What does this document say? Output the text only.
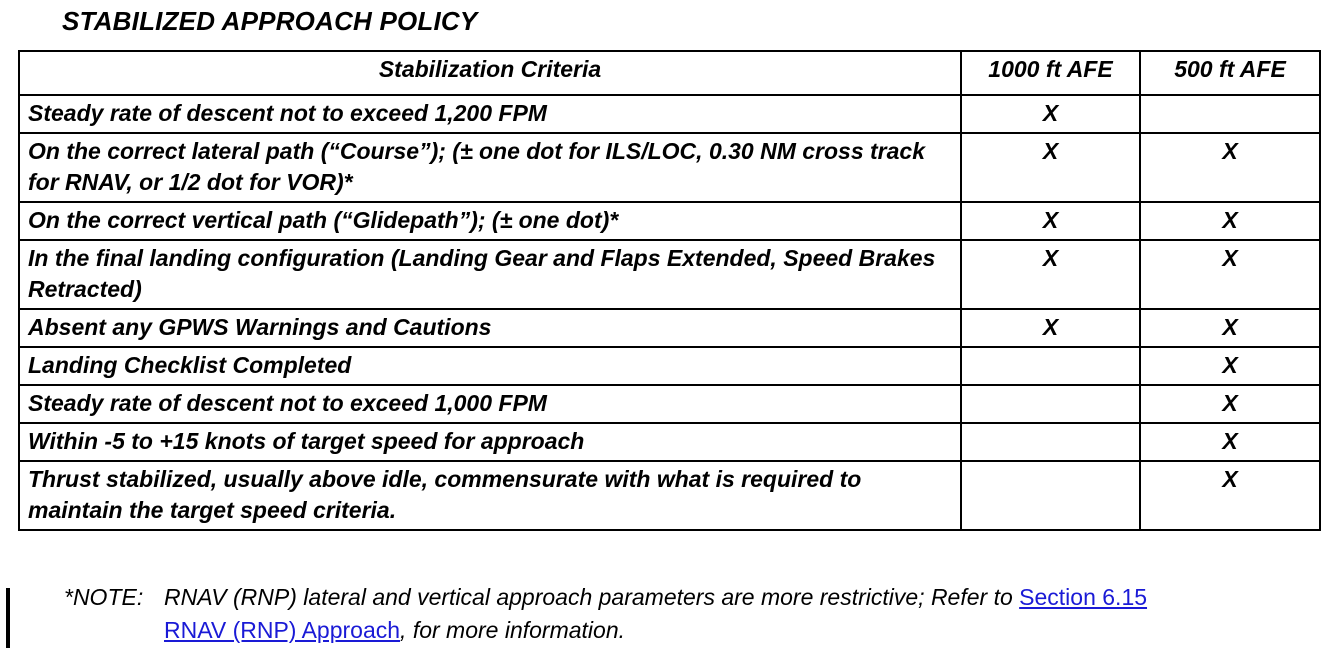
STABILIZED APPROACH POLICY
Stabilization Criteria	1000 ft AFE	500 ft AFE
Steady rate of descent not to exceed 1,200 FPM	X	
On the correct lateral path (“Course”); (± one dot for ILS/LOC, 0.30 NM cross track for RNAV, or 1/2 dot for VOR)*	X	X
On the correct vertical path (“Glidepath”); (± one dot)*	X	X
In the final landing configuration (Landing Gear and Flaps Extended, Speed Brakes Retracted)	X	X
Absent any GPWS Warnings and Cautions	X	X
Landing Checklist Completed		X
Steady rate of descent not to exceed 1,000 FPM		X
Within -5 to +15 knots of target speed for approach		X
Thrust stabilized, usually above idle, commensurate with what is required to maintain the target speed criteria.		X
*NOTE: RNAV (RNP) lateral and vertical approach parameters are more restrictive; Refer to Section 6.15
RNAV (RNP) Approach, for more information.
